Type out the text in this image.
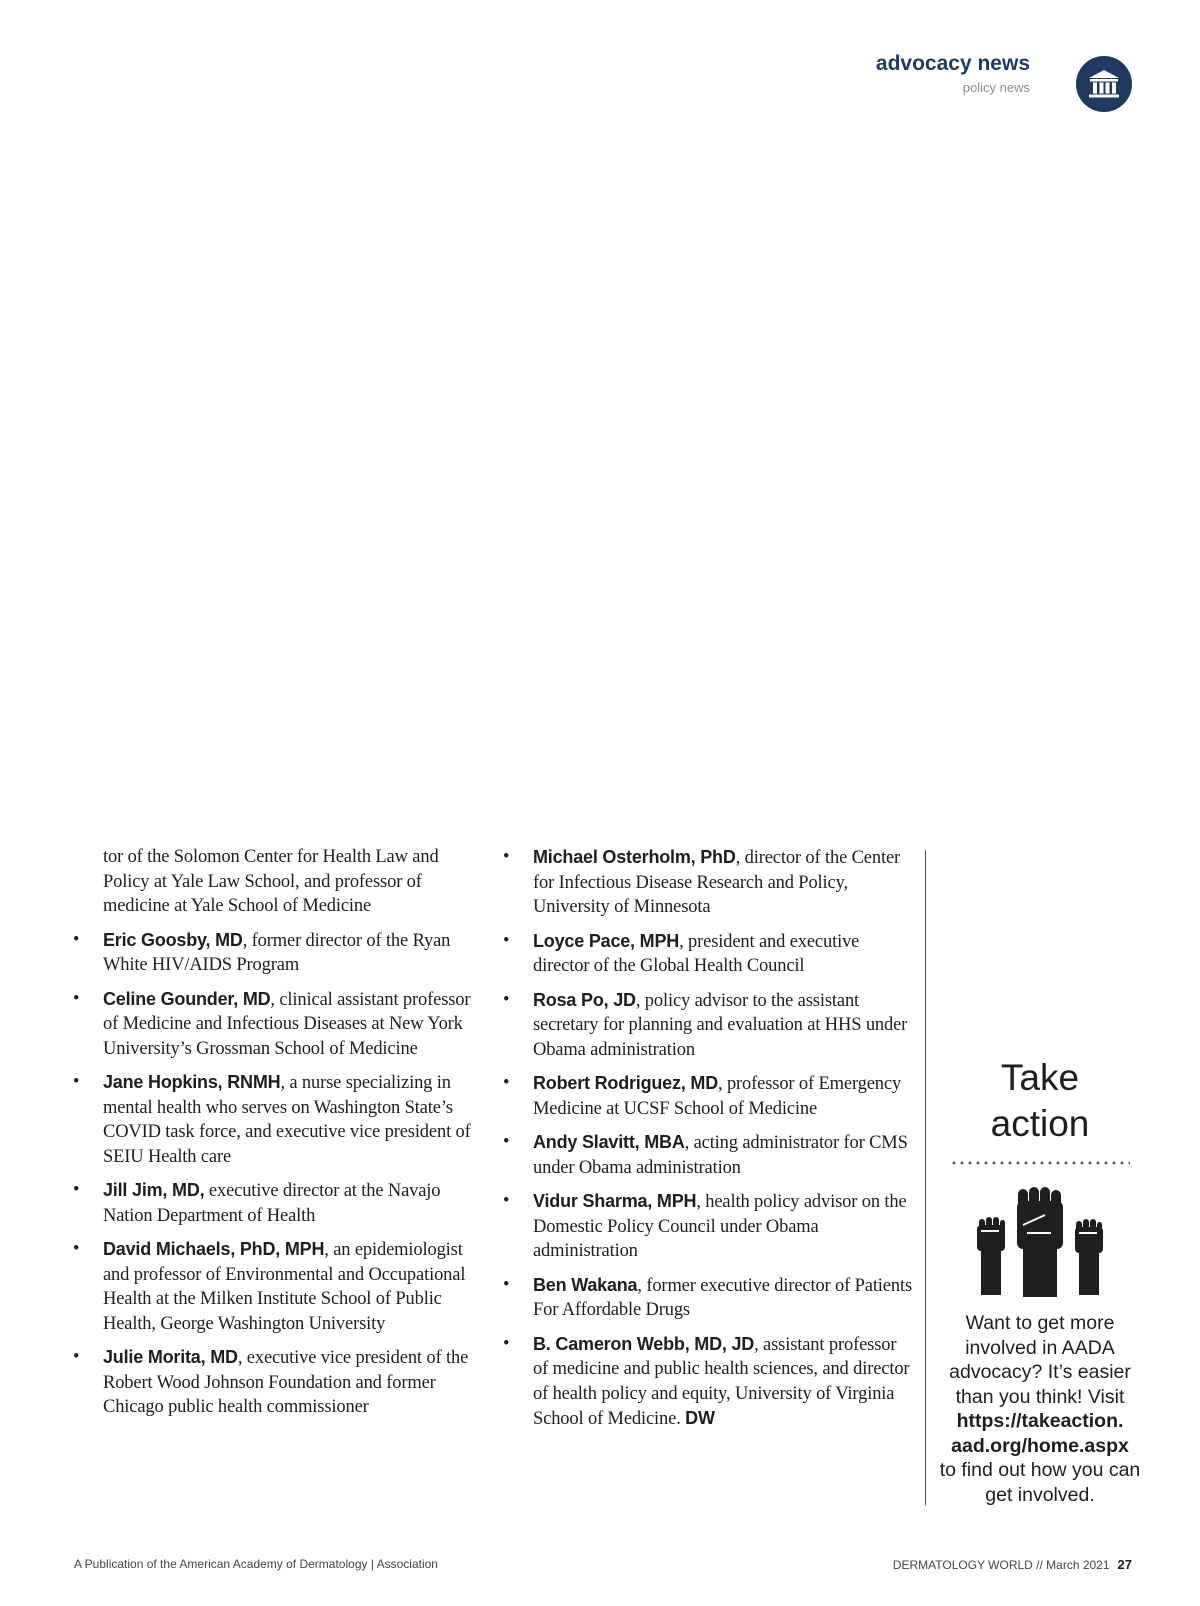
advocacy news
policy news
tor of the Solomon Center for Health Law and Policy at Yale Law School, and professor of medicine at Yale School of Medicine
• Eric Goosby, MD, former director of the Ryan White HIV/AIDS Program
• Celine Gounder, MD, clinical assistant professor of Medicine and Infectious Diseases at New York University’s Grossman School of Medicine
• Jane Hopkins, RNMH, a nurse specializing in mental health who serves on Washington State’s COVID task force, and executive vice president of SEIU Health care
• Jill Jim, MD, executive director at the Navajo Nation Department of Health
• David Michaels, PhD, MPH, an epidemiologist and professor of Environmental and Occupational Health at the Milken Institute School of Public Health, George Washington University
• Julie Morita, MD, executive vice president of the Robert Wood Johnson Foundation and former Chicago public health commissioner
• Michael Osterholm, PhD, director of the Center for Infectious Disease Research and Policy, University of Minnesota
• Loyce Pace, MPH, president and executive director of the Global Health Council
• Rosa Po, JD, policy advisor to the assistant secretary for planning and evaluation at HHS under Obama administration
• Robert Rodriguez, MD, professor of Emergency Medicine at UCSF School of Medicine
• Andy Slavitt, MBA, acting administrator for CMS under Obama administration
• Vidur Sharma, MPH, health policy advisor on the Domestic Policy Council under Obama administration
• Ben Wakana, former executive director of Patients For Affordable Drugs
• B. Cameron Webb, MD, JD, assistant professor of medicine and public health sciences, and director of health policy and equity, University of Virginia School of Medicine. DW
Take
action
Want to get more involved in AADA advocacy? It’s easier than you think! Visit
https://takeaction.
aad.org/home.aspx
to find out how you can get involved.
A Publication of the American Academy of Dermatology | Association	DERMATOLOGY WORLD // March 2021 27
